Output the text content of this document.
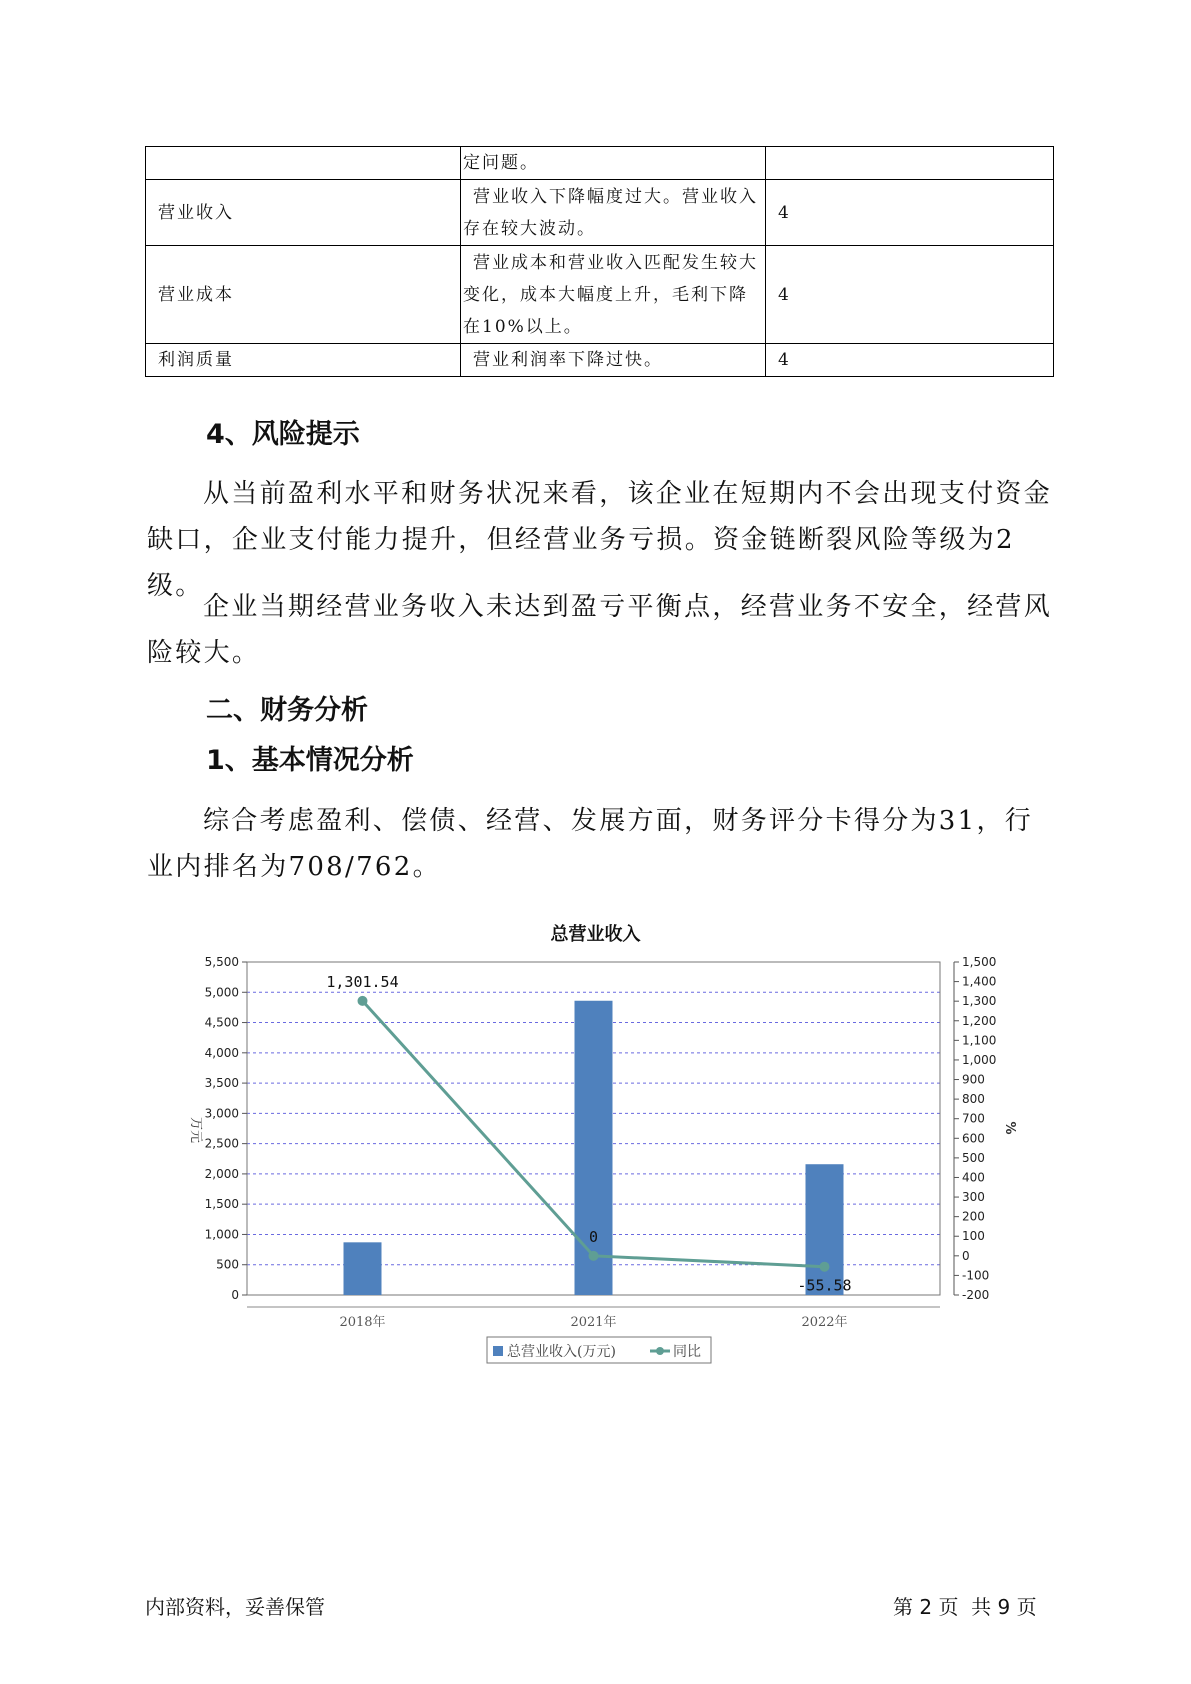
	定问题。	

营业收入	营业收入下降幅度过大。营业收入存在较大波动。	4
营业成本	营业成本和营业收入匹配发生较大变化，成本大幅度上升，毛利下降在10%以上。	4
利润质量	营业利润率下降过快。	4
4、风险提示

从当前盈利水平和财务状况来看，该企业在短期内不会出现支付资金缺口，企业支付能力提升，但经营业务亏损。资金链断裂风险等级为2级。

企业当期经营业务收入未达到盈亏平衡点，经营业务不安全，经营风险较大。

二、财务分析
1、基本情况分析

综合考虑盈利、偿债、经营、发展方面，财务评分卡得分为31，行业内排名为708/762。

总营业收入
0
500
1,000
1,500
2,000
2,500
3,000
3,500
4,000
4,500
5,000
5,500
-200
-100
0
100
200
300
400
500
600
700
800
900
1,000
1,100
1,200
1,300
1,400
1,500
万元	%
2018年	2021年	2022年
1,301.54
0
-55.58
总营业收入(万元)	同比
内部资料，妥善保管	第 2 页  共 9 页
